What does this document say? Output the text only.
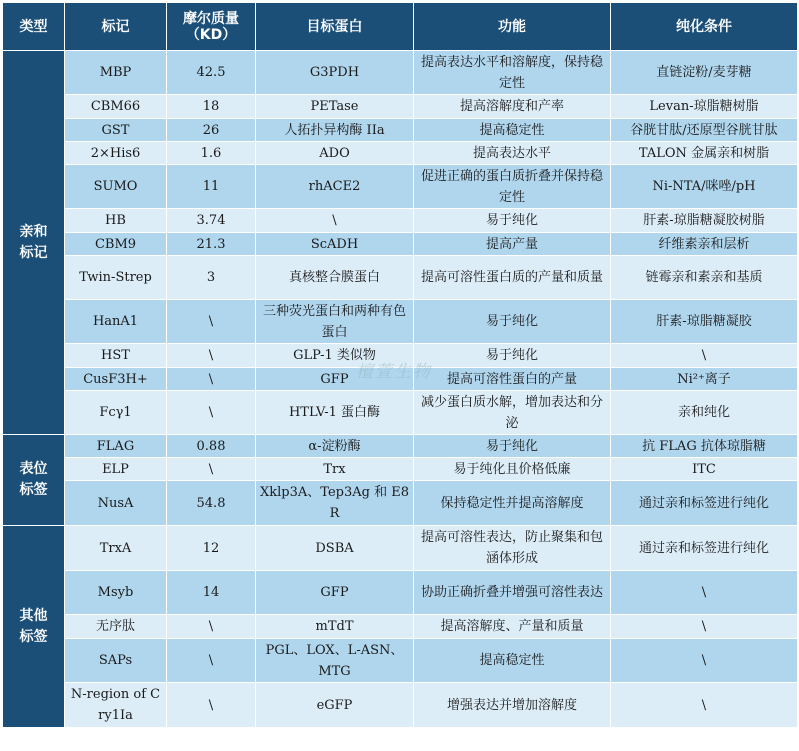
类型	标记	摩尔质量（KD）	目标蛋白	功能	纯化条件
亲和标记	MBP	42.5	G3PDH	提高表达水平和溶解度，保持稳定性	直链淀粉/麦芽糖
	CBM66	18	PETase	提高溶解度和产率	Levan-琼脂糖树脂
	GST	26	人拓扑异构酶 IIa	提高稳定性	谷胱甘肽/还原型谷胱甘肽
	2×His6	1.6	ADO	提高表达水平	TALON 金属亲和树脂
	SUMO	11	rhACE2	促进正确的蛋白质折叠并保持稳定性	Ni-NTA/咪唑/pH
	HB	3.74	\	易于纯化	肝素-琼脂糖凝胶树脂
	CBM9	21.3	ScADH	提高产量	纤维素亲和层析
	Twin-Strep	3	真核整合膜蛋白	提高可溶性蛋白质的产量和质量	链霉亲和素亲和基质
	HanA1	\	三种荧光蛋白和两种有色蛋白	易于纯化	肝素-琼脂糖凝胶
	HST	\	GLP-1 类似物	易于纯化	\
	CusF3H+	\	GFP	提高可溶性蛋白的产量	Ni²⁺离子
	Fcγ1	\	HTLV-1 蛋白酶	减少蛋白质水解，增加表达和分泌	亲和纯化
表位标签	FLAG	0.88	α-淀粉酶	易于纯化	抗 FLAG 抗体琼脂糖
	ELP	\	Trx	易于纯化且价格低廉	ITC
	NusA	54.8	Xklp3A、Tep3Ag 和 E8R	保持稳定性并提高溶解度	通过亲和标签进行纯化
其他标签	TrxA	12	DSBA	提高可溶性表达，防止聚集和包涵体形成	通过亲和标签进行纯化
	Msyb	14	GFP	协助正确折叠并增强可溶性表达	\
	无序肽	\	mTdT	提高溶解度、产量和质量	\
	SAPs	\	PGL、LOX、L-ASN、MTG	提高稳定性	\
	N-region of Cry1Ia	\	eGFP	增强表达并增加溶解度	\
檀萱生物
